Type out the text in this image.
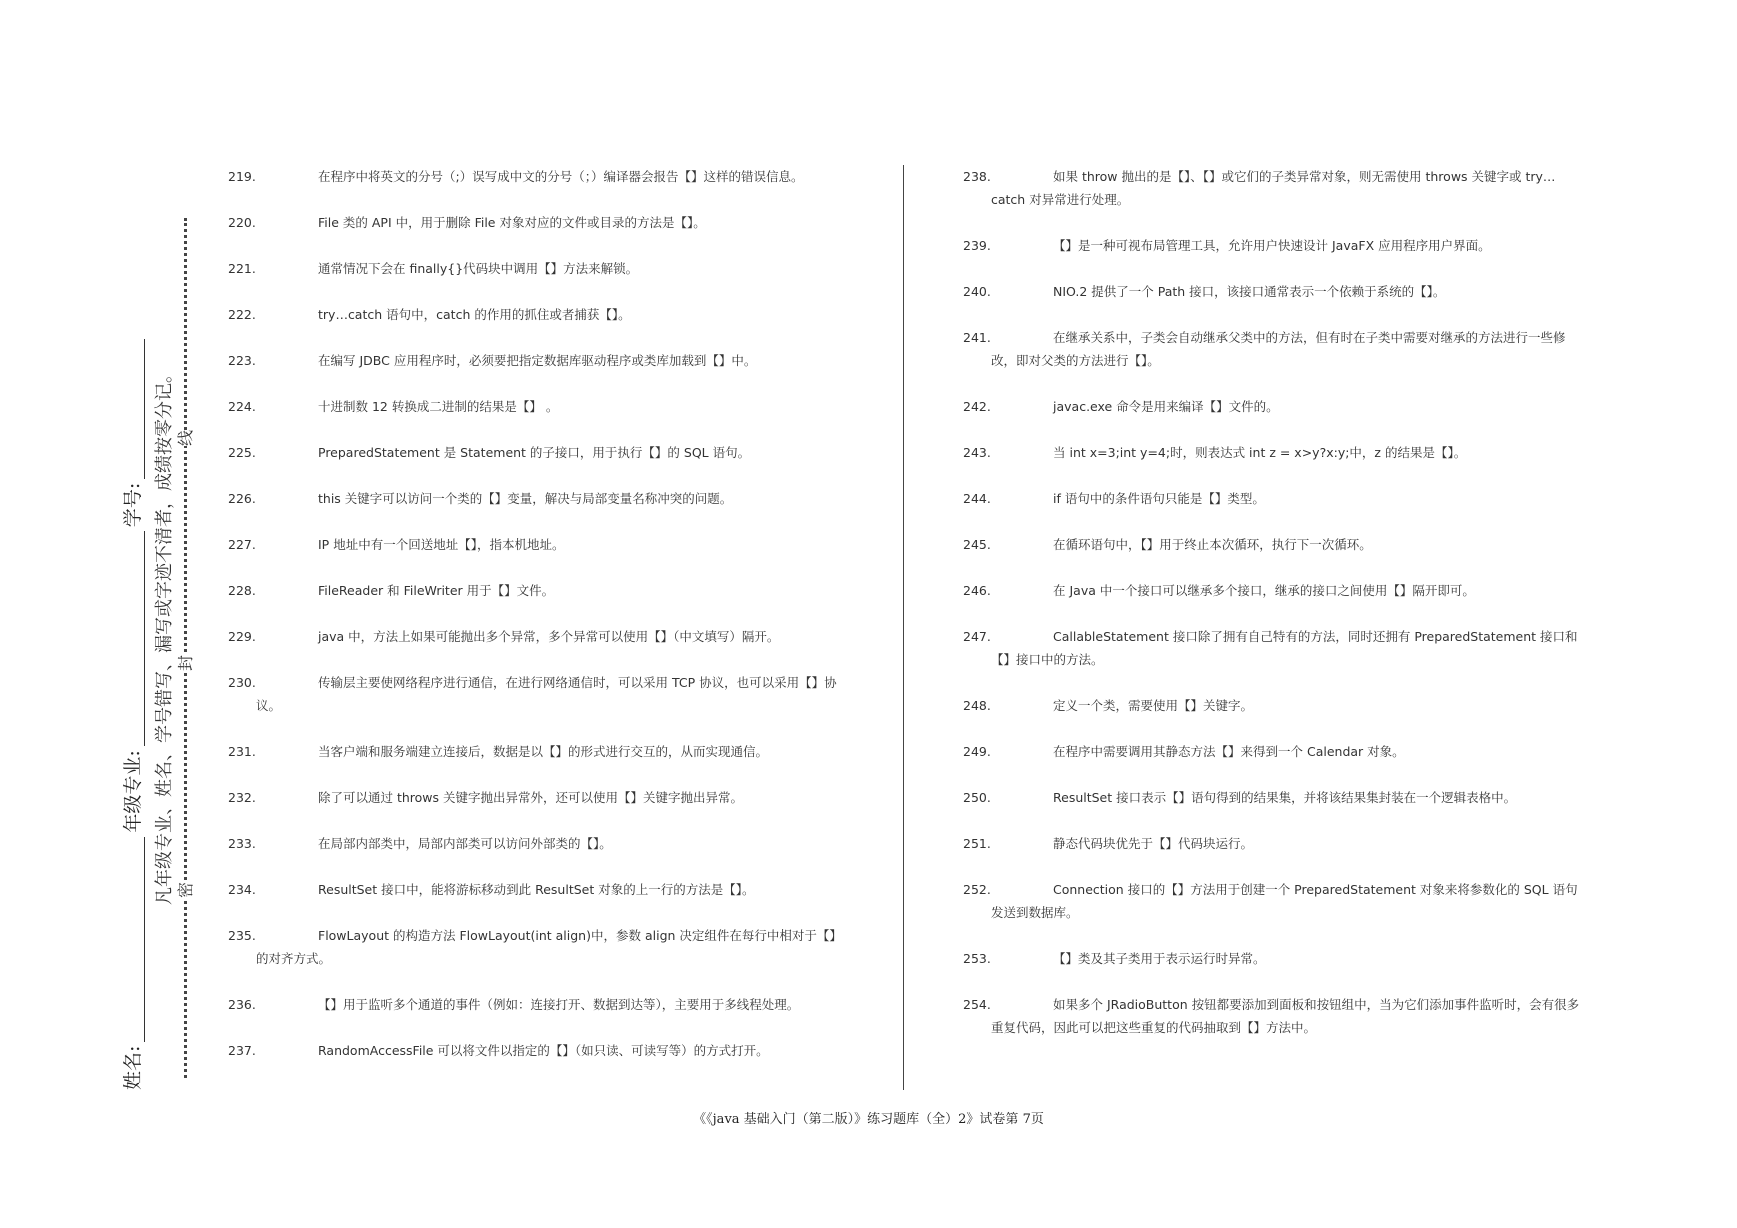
姓名:
年级专业:
学号: 凡年级专业、姓名、学号错写、漏写或字迹不清者，成绩按零分记。 密
封
线
219.	在程序中将英文的分号（;）误写成中文的分号（；）编译器会报告【】这样的错误信息。
220.	File 类的 API 中，用于删除 File 对象对应的文件或目录的方法是【】。
221.	通常情况下会在 finally{}代码块中调用【】方法来解锁。
222.	try…catch 语句中，catch 的作用的抓住或者捕获【】。
223.	在编写 JDBC 应用程序时，必须要把指定数据库驱动程序或类库加载到【】中。
224.	十进制数 12 转换成二进制的结果是【】 。
225.	PreparedStatement 是 Statement 的子接口，用于执行【】的 SQL 语句。
226.	this 关键字可以访问一个类的【】变量，解决与局部变量名称冲突的问题。
227.	IP 地址中有一个回送地址【】，指本机地址。
228.	FileReader 和 FileWriter 用于【】文件。
229.	java 中，方法上如果可能抛出多个异常，多个异常可以使用【】（中文填写）隔开。
230.	传输层主要使网络程序进行通信，在进行网络通信时，可以采用 TCP 协议，也可以采用【】协议。
231.	当客户端和服务端建立连接后，数据是以【】的形式进行交互的，从而实现通信。
232.	除了可以通过 throws 关键字抛出异常外，还可以使用【】关键字抛出异常。
233.	在局部内部类中，局部内部类可以访问外部类的【】。
234.	ResultSet 接口中，能将游标移动到此 ResultSet 对象的上一行的方法是【】。
235.	FlowLayout 的构造方法 FlowLayout(int align)中，参数 align 决定组件在每行中相对于【】的对齐方式。
236.	【】用于监听多个通道的事件（例如：连接打开、数据到达等），主要用于多线程处理。
237.	RandomAccessFile 可以将文件以指定的【】（如只读、可读写等）的方式打开。
238.	如果 throw 抛出的是【】、【】或它们的子类异常对象，则无需使用 throws 关键字或 try…catch 对异常进行处理。
239.	【】是一种可视布局管理工具，允许用户快速设计 JavaFX 应用程序用户界面。
240.	NIO.2 提供了一个 Path 接口，该接口通常表示一个依赖于系统的【】。
241.	在继承关系中，子类会自动继承父类中的方法，但有时在子类中需要对继承的方法进行一些修改，即对父类的方法进行【】。
242.	javac.exe 命令是用来编译【】文件的。
243.	当 int x=3;int y=4;时，则表达式 int z = x>y?x:y;中，z 的结果是【】。
244.	if 语句中的条件语句只能是【】类型。
245.	在循环语句中，【】用于终止本次循环，执行下一次循环。
246.	在 Java 中一个接口可以继承多个接口，继承的接口之间使用【】隔开即可。
247.	CallableStatement 接口除了拥有自己特有的方法，同时还拥有 PreparedStatement 接口和【】接口中的方法。
248.	定义一个类，需要使用【】关键字。
249.	在程序中需要调用其静态方法【】来得到一个 Calendar 对象。
250.	ResultSet 接口表示【】语句得到的结果集，并将该结果集封装在一个逻辑表格中。
251.	静态代码块优先于【】代码块运行。
252.	Connection 接口的【】方法用于创建一个 PreparedStatement 对象来将参数化的 SQL 语句发送到数据库。
253.	【】类及其子类用于表示运行时异常。
254.	如果多个 JRadioButton 按钮都要添加到面板和按钮组中，当为它们添加事件监听时，会有很多重复代码，因此可以把这些重复的代码抽取到【】方法中。
《《java 基础入门（第二版）》练习题库（全）2》试卷第 7页
